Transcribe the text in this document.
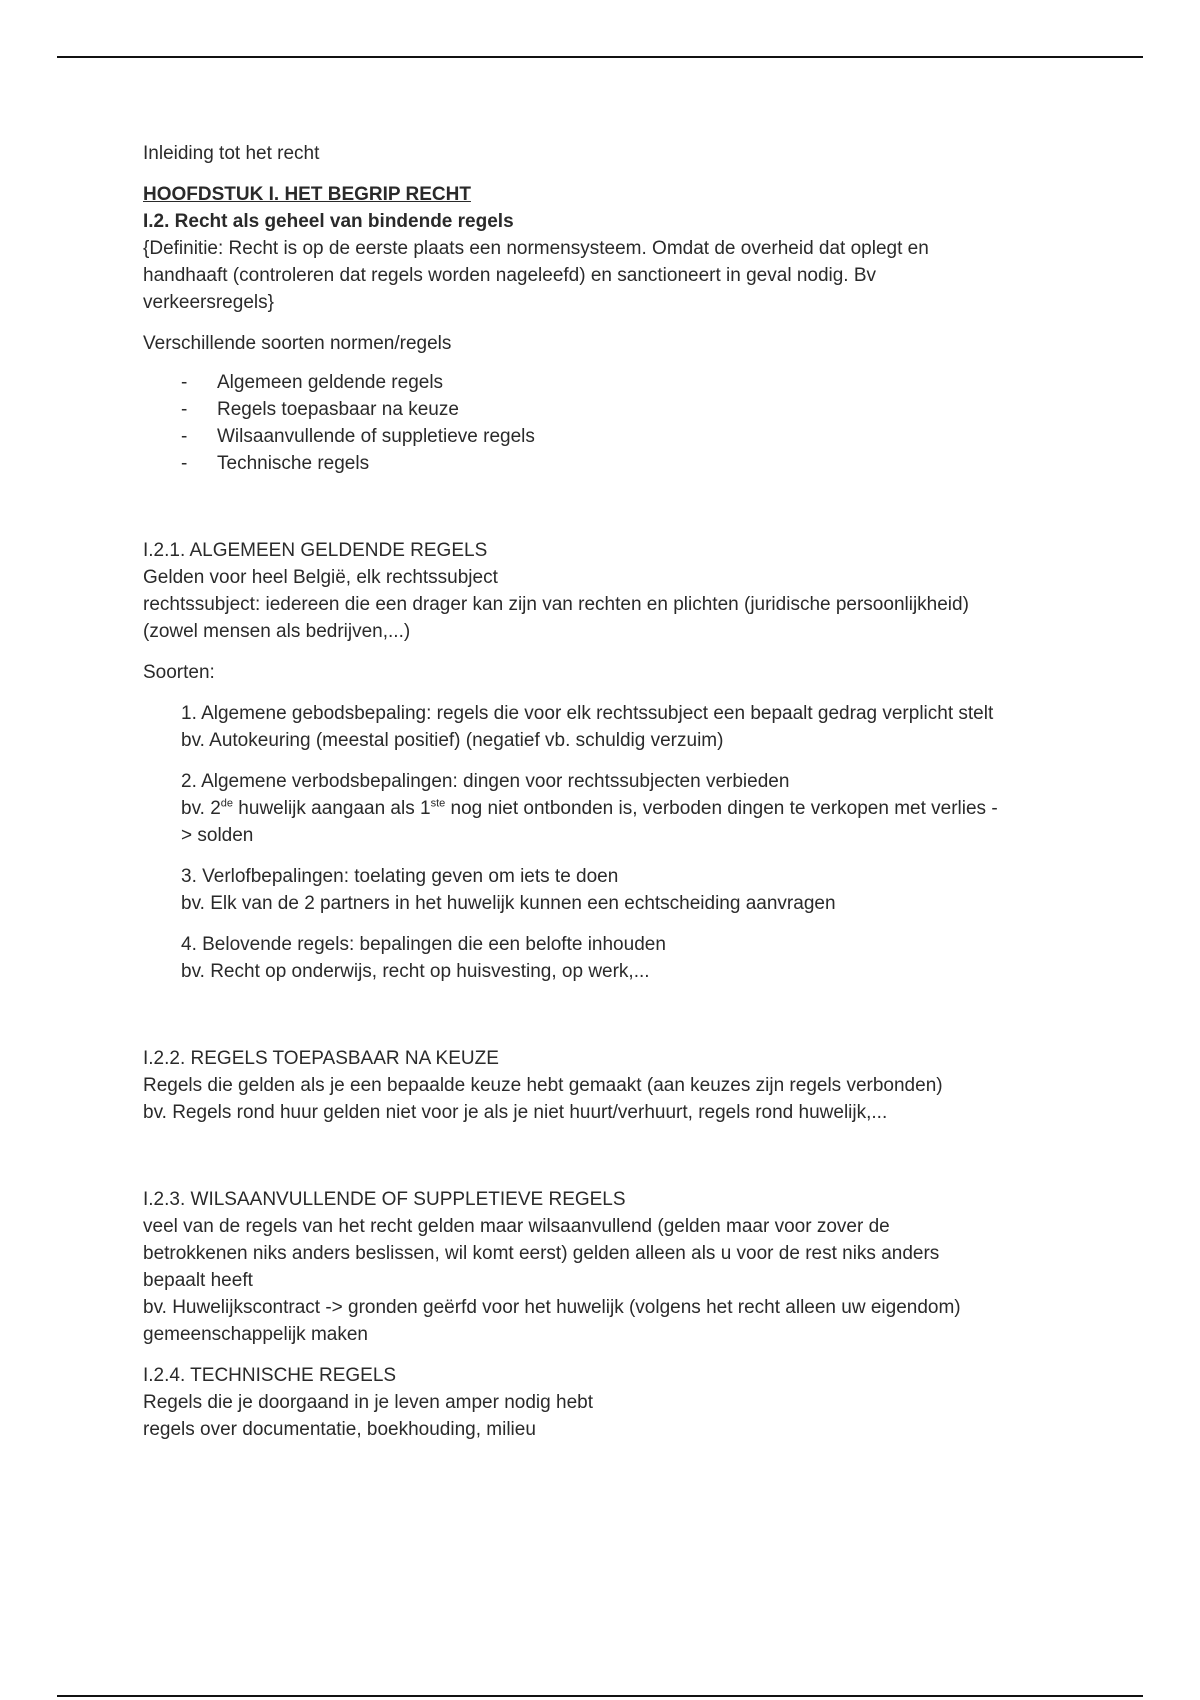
Inleiding tot het recht

HOOFDSTUK I. HET BEGRIP RECHT

I.2. Recht als geheel van bindende regels

{Definitie: Recht is op de eerste plaats een normensysteem. Omdat de overheid dat oplegt en

handhaaft (controleren dat regels worden nageleefd) en sanctioneert in geval nodig. Bv

verkeersregels}

Verschillende soorten normen/regels

- Algemeen geldende regels
- Regels toepasbaar na keuze
- Wilsaanvullende of suppletieve regels
- Technische regels

I.2.1. ALGEMEEN GELDENDE REGELS

Gelden voor heel België, elk rechtssubject

rechtssubject: iedereen die een drager kan zijn van rechten en plichten (juridische persoonlijkheid)

(zowel mensen als bedrijven,...)

Soorten:

1. Algemene gebodsbepaling: regels die voor elk rechtssubject een bepaalt gedrag verplicht stelt

bv. Autokeuring (meestal positief) (negatief vb. schuldig verzuim)

2. Algemene verbodsbepalingen: dingen voor rechtssubjecten verbieden

bv. 2de huwelijk aangaan als 1ste nog niet ontbonden is, verboden dingen te verkopen met verlies -

> solden

3. Verlofbepalingen: toelating geven om iets te doen

bv. Elk van de 2 partners in het huwelijk kunnen een echtscheiding aanvragen

4. Belovende regels: bepalingen die een belofte inhouden

bv. Recht op onderwijs, recht op huisvesting, op werk,...

I.2.2. REGELS TOEPASBAAR NA KEUZE

Regels die gelden als je een bepaalde keuze hebt gemaakt (aan keuzes zijn regels verbonden)

bv. Regels rond huur gelden niet voor je als je niet huurt/verhuurt, regels rond huwelijk,...

I.2.3. WILSAANVULLENDE OF SUPPLETIEVE REGELS

veel van de regels van het recht gelden maar wilsaanvullend (gelden maar voor zover de

betrokkenen niks anders beslissen, wil komt eerst) gelden alleen als u voor de rest niks anders

bepaalt heeft

bv. Huwelijkscontract -> gronden geërfd voor het huwelijk (volgens het recht alleen uw eigendom)

gemeenschappelijk maken

I.2.4. TECHNISCHE REGELS

Regels die je doorgaand in je leven amper nodig hebt

regels over documentatie, boekhouding, milieu
